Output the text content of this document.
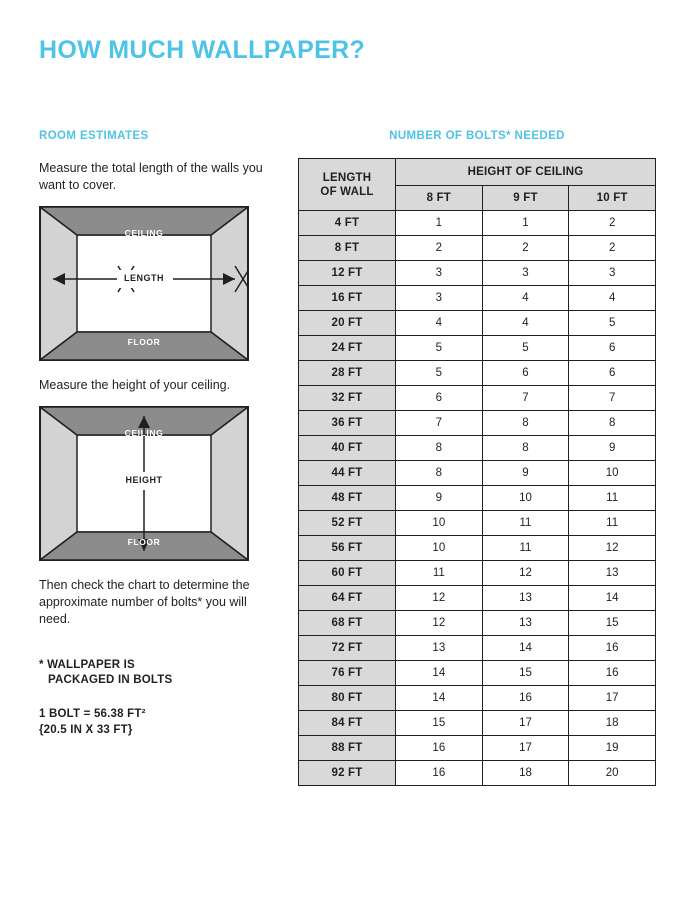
HOW MUCH WALLPAPER?
ROOM ESTIMATES

Measure the total length of the walls you want to cover.

CEILING
FLOOR
LENGTH

Measure the height of your ceiling.

CEILING
FLOOR
HEIGHT

Then check the chart to determine the approximate number of bolts* you will need.

* WALLPAPER IS
PACKAGED IN BOLTS
1 BOLT = 56.38 FT²
{20.5 IN X 33 FT}
NUMBER OF BOLTS* NEEDED
LENGTH
OF WALL	HEIGHT OF CEILING		
	8 FT	9 FT	10 FT
4 FT	1	1	2
8 FT	2	2	2
12 FT	3	3	3
16 FT	3	4	4
20 FT	4	4	5
24 FT	5	5	6
28 FT	5	6	6
32 FT	6	7	7
36 FT	7	8	8
40 FT	8	8	9
44 FT	8	9	10
48 FT	9	10	11
52 FT	10	11	11
56 FT	10	11	12
60 FT	11	12	13
64 FT	12	13	14
68 FT	12	13	15
72 FT	13	14	16
76 FT	14	15	16
80 FT	14	16	17
84 FT	15	17	18
88 FT	16	17	19
92 FT	16	18	20
